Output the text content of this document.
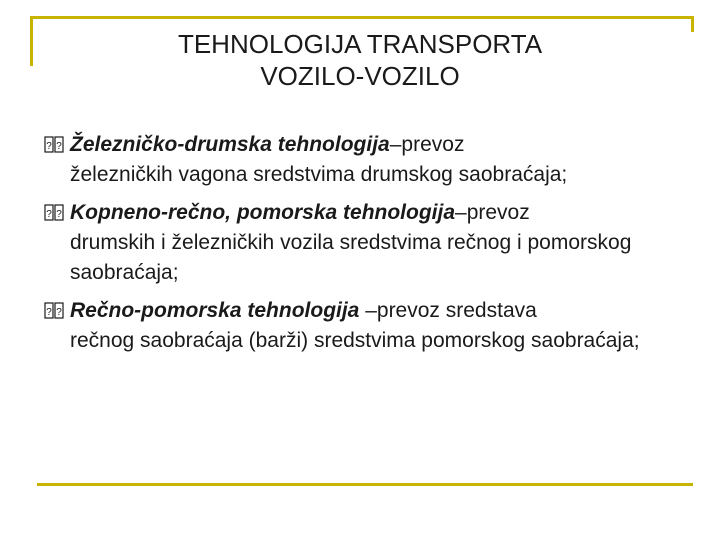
TEHNOLOGIJA TRANSPORTA
VOZILO-VOZILO
? ? Železničko-drumska tehnologija–prevoz
železničkih vagona sredstvima drumskog saobraćaja;
? ? Kopneno-rečno, pomorska tehnologija–prevoz
drumskih i železničkih vozila sredstvima rečnog i pomorskog saobraćaja;
? ? Rečno-pomorska tehnologija –prevoz sredstava
rečnog saobraćaja (barži) sredstvima pomorskog saobraćaja;
